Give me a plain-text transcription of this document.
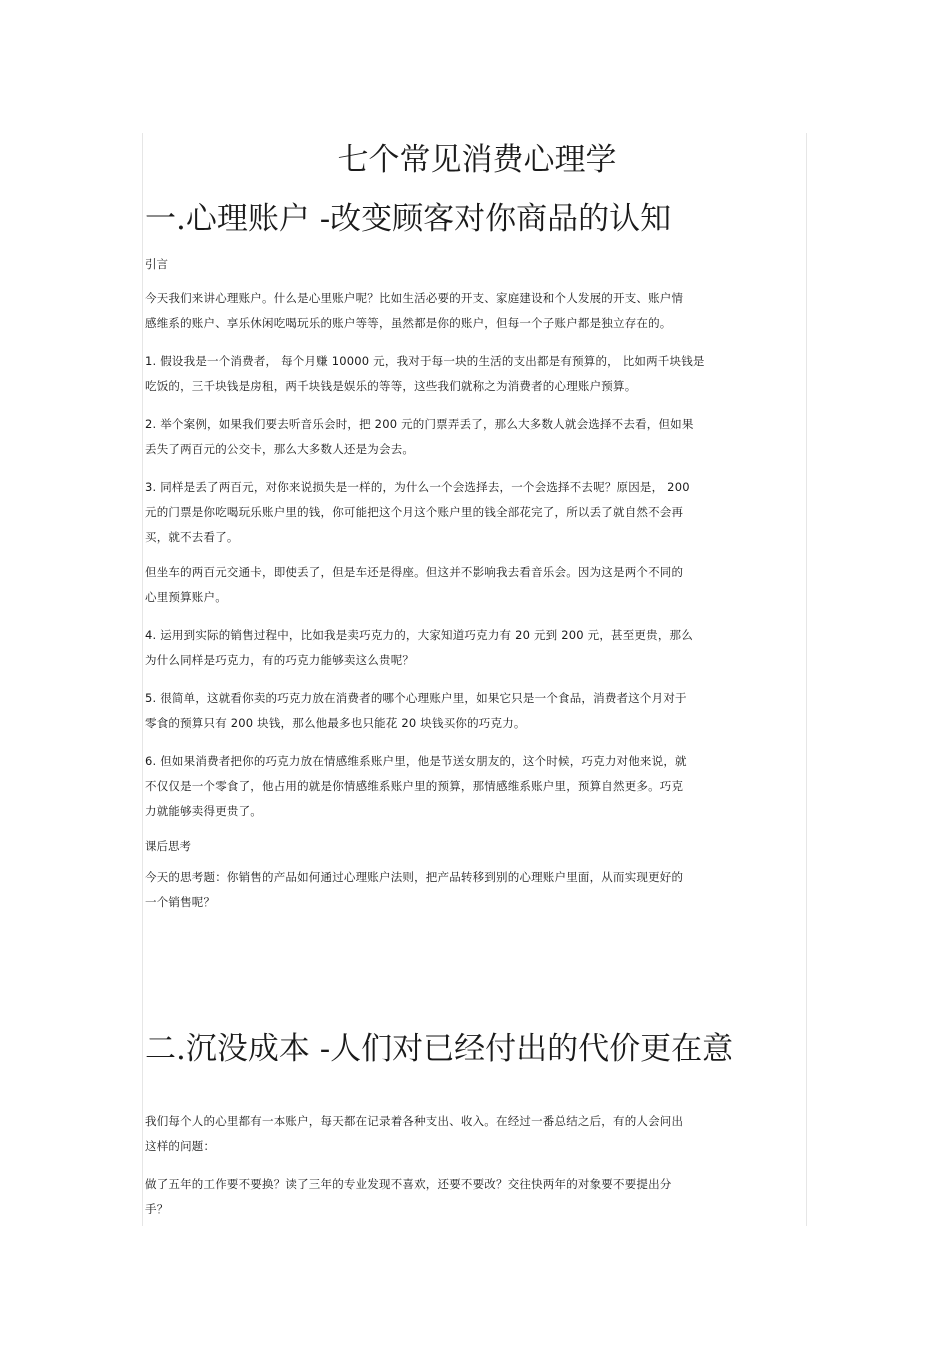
七个常见消费心理学
一.心理账户 -改变顾客对你商品的认知

引言

今天我们来讲心理账户。什么是心里账户呢？比如生活必要的开支、家庭建设和个人发展的开支、账户情
感维系的账户、享乐休闲吃喝玩乐的账户等等，虽然都是你的账户，但每一个子账户都是独立存在的。

1. 假设我是一个消费者， 每个月赚 10000 元，我对于每一块的生活的支出都是有预算的， 比如两千块钱是
吃饭的，三千块钱是房租，两千块钱是娱乐的等等，这些我们就称之为消费者的心理账户预算。

2. 举个案例，如果我们要去听音乐会时，把 200 元的门票弄丢了，那么大多数人就会选择不去看，但如果
丢失了两百元的公交卡，那么大多数人还是为会去。

3. 同样是丢了两百元，对你来说损失是一样的，为什么一个会选择去，一个会选择不去呢？原因是， 200
元的门票是你吃喝玩乐账户里的钱，你可能把这个月这个账户里的钱全部花完了，所以丢了就自然不会再
买，就不去看了。

但坐车的两百元交通卡，即使丢了，但是车还是得座。但这并不影响我去看音乐会。因为这是两个不同的
心里预算账户。

4. 运用到实际的销售过程中，比如我是卖巧克力的，大家知道巧克力有 20 元到 200 元，甚至更贵，那么
为什么同样是巧克力，有的巧克力能够卖这么贵呢？

5. 很简单，这就看你卖的巧克力放在消费者的哪个心理账户里，如果它只是一个食品，消费者这个月对于
零食的预算只有 200 块钱，那么他最多也只能花 20 块钱买你的巧克力。

6. 但如果消费者把你的巧克力放在情感维系账户里，他是节送女朋友的，这个时候，巧克力对他来说，就
不仅仅是一个零食了，他占用的就是你情感维系账户里的预算，那情感维系账户里，预算自然更多。巧克
力就能够卖得更贵了。

课后思考

今天的思考题：你销售的产品如何通过心理账户法则，把产品转移到别的心理账户里面，从而实现更好的
一个销售呢？

二.沉没成本 -人们对已经付出的代价更在意

我们每个人的心里都有一本账户，每天都在记录着各种支出、收入。在经过一番总结之后，有的人会问出
这样的问题：

做了五年的工作要不要换？读了三年的专业发现不喜欢，还要不要改？交往快两年的对象要不要提出分
手？
